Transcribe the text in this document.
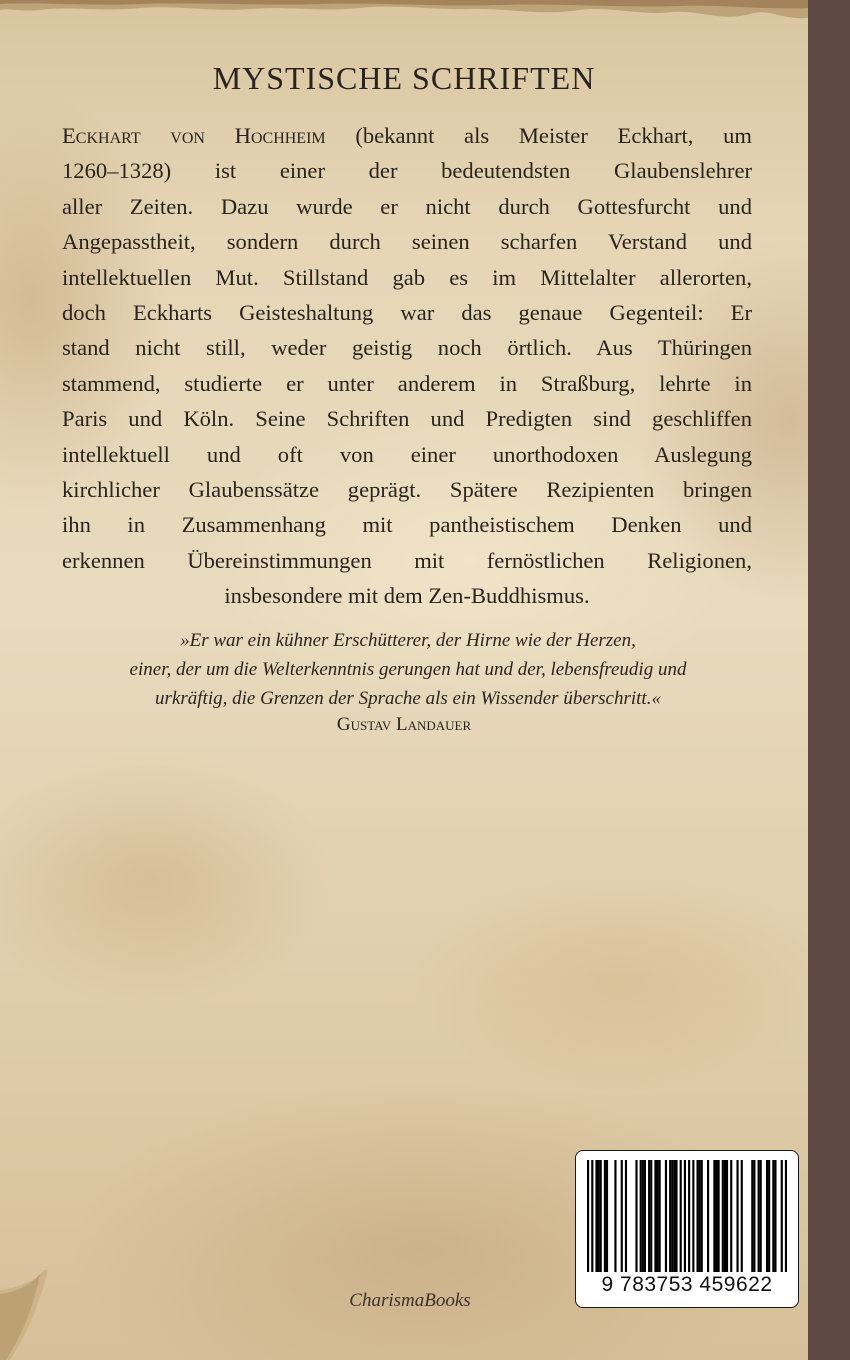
MYSTISCHE SCHRIFTEN
Eckhart von Hochheim (bekannt als Meister Eckhart, um
1260–1328) ist einer der bedeutendsten Glaubenslehrer
aller Zeiten. Dazu wurde er nicht durch Gottesfurcht und
Angepasstheit, sondern durch seinen scharfen Verstand und
intellektuellen Mut. Stillstand gab es im Mittelalter allerorten,
doch Eckharts Geisteshaltung war das genaue Gegenteil: Er
stand nicht still, weder geistig noch örtlich. Aus Thüringen
stammend, studierte er unter anderem in Straßburg, lehrte in
Paris und Köln. Seine Schriften und Predigten sind geschliffen
intellektuell und oft von einer unorthodoxen Auslegung
kirchlicher Glaubenssätze geprägt. Spätere Rezipienten bringen
ihn in Zusammenhang mit pantheistischem Denken und
erkennen Übereinstimmungen mit fernöstlichen Religionen,
insbesondere mit dem Zen-Buddhismus.
»Er war ein kühner Erschütterer, der Hirne wie der Herzen,
einer, der um die Welterkenntnis gerungen hat und der, lebensfreudig und
urkräftig, die Grenzen der Sprache als ein Wissender überschritt.«
Gustav Landauer
9 783753 459622
CharismaBooks
